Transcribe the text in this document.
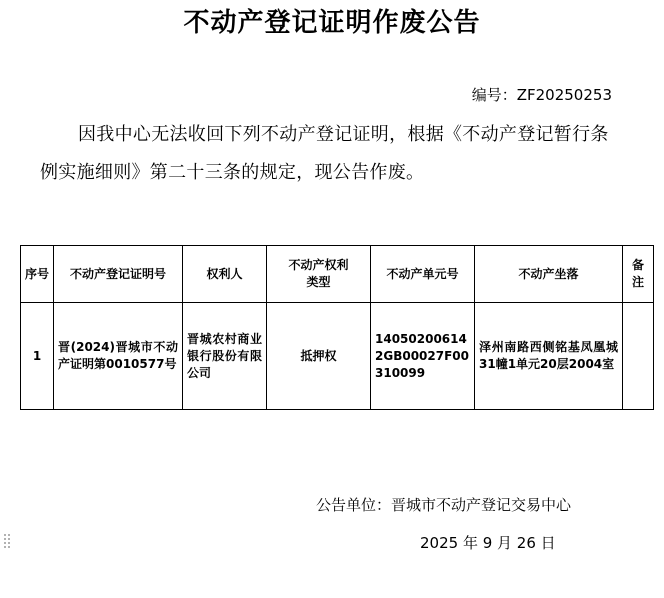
不动产登记证明作废公告
编号：ZF20250253
因我中心无法收回下列不动产登记证明，根据《不动产登记暂行条例实施细则》第二十三条的规定，现公告作废。
序号	不动产登记证明号	权利人	不动产权利类型	不动产单元号	不动产坐落	备注
1	晋(2024)晋城市不动产证明第0010577号	晋城农村商业银行股份有限公司	抵押权	140502006142GB00027F00310099	泽州南路西侧铭基凤凰城31幢1单元20层2004室	
公告单位：晋城市不动产登记交易中心
2025 年 9 月 26 日
